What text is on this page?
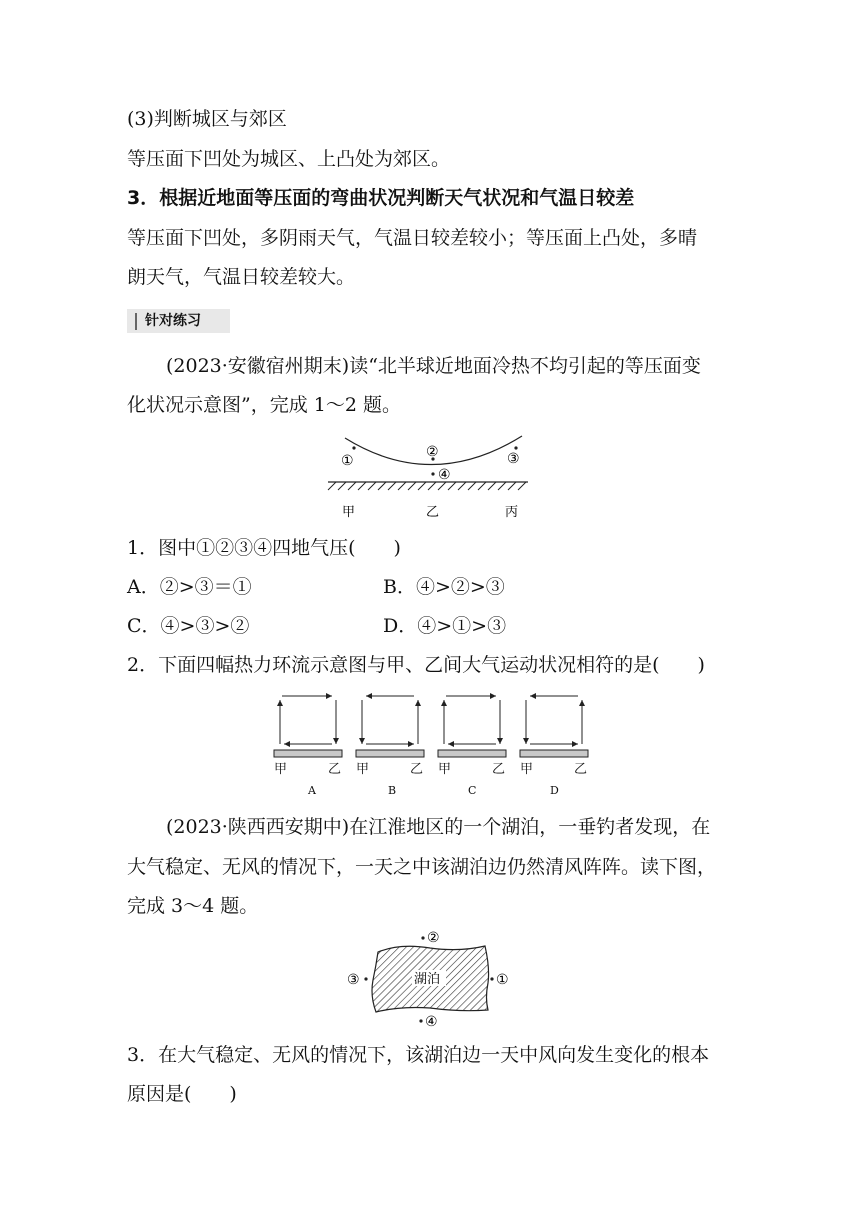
(3)判断城区与郊区
等压面下凹处为城区、上凸处为郊区。
3．根据近地面等压面的弯曲状况判断天气状况和气温日较差
等压面下凹处，多阴雨天气，气温日较差较小；等压面上凸处，多晴
朗天气，气温日较差较大。
针对练习
(2023·安徽宿州期末)读“北半球近地面冷热不均引起的等压面变
化状况示意图”，完成 1～2 题。
①
②	③
④
甲	乙	丙
1．图中①②③④四地气压(　　)
A．②>③＝①	B．④>②>③
C．④>③>②	D．④>①>③
2．下面四幅热力环流示意图与甲、乙间大气运动状况相符的是(　　)
甲	乙 甲	乙 甲	乙 甲	乙
A	B	C	D
(2023·陕西西安期中)在江淮地区的一个湖泊，一垂钓者发现，在
大气稳定、无风的情况下，一天之中该湖泊边仍然清风阵阵。读下图，
完成 3～4 题。
湖泊
②
③	①
④
3．在大气稳定、无风的情况下，该湖泊边一天中风向发生变化的根本
原因是(　　)
